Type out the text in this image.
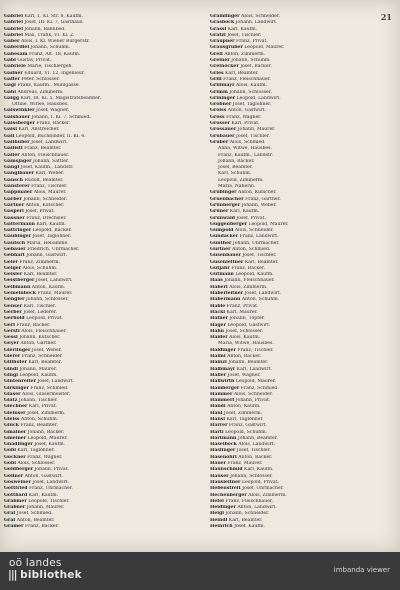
21

Gabriel Karl, 1. Kl. Str. 8, Kaufm.

Gabriel Josef, III. Kl. 7, Gasthaus.

Gabriel Johann, Bahnbed.

Gabriel Max, Trafik, VI. Kl. 2.

Gaber Alois, I. Kl. Wiener Bürgerstr.

Gaberdiel Johann, Schuhm.

Gabesam Franz, Alt. 18, Kaufm.

Gabl Gustav, Privat.

Gabriele Marie, Tischlergeh.

Gadner Eduard, VI. 12, Ingenieur.

Gaffer Peter, Schlosser.

Gagl Franz, Kaufm., Mühlgasse.

Gähl Andreas, Zimmerm.

Gaigg Karl, III. Kl. 5, Magistratsbeamter.

Ottilie, Witwe, Hausbes.

Gaiswinkler Josef, Wagner.

Gaisbauer Johann, I. Kl. 7, Schmied.

Gaissberger Franz, Bäcker.

Gaisl Karl, Anstreicher.

Gall Leopold, Buchbinder, II. Kl. 4.

Gallhuber Josef, Landwirt.

Gallistl Franz, Beamter.

Galler Anton, Fleischhauer.

Gamsjäger Johann, Sattler.

Gangl Josef, Kaufm., Landstr.

Ganglbauer Karl, Weber.

Gansch Rudolf, Beamter.

Gansterer Franz, Tischler.

Gappmaier Alois, Maurer.

Garber Johann, Schneider.

Gärtner Anton, Kutscher.

Gasperl Josef, Privat.

Gassner Franz, Drechsler.

Gattermann Karl, Kaufm.

Gattringer Leopold, Bäcker.

Gaubinger Josef, Taglöhner.

Gautsch Maria, Hebamme.

Gebauer Friedrich, Uhrmacher.

Gebhart Johann, Gastwirt.

Geier Franz, Zimmerm.

Geiger Alois, Schuhm.

Geisler Karl, Beamter.

Geistberger Josef, Landwirt.

Gelbmann Anton, Kaufm.

Gemeinböck Franz, Maurer.

Gengler Johann, Schlosser.

Genser Karl, Tischler.

Gerber Josef, Lederer.

Gerhold Leopold, Privat.

Gerl Franz, Bäcker.

Gerstl Alois, Fleischhauer.

Gessl Johann, Kutscher.

Geyer Anton, Gärtner.

Gierlinger Josef, Weber.

Gierer Franz, Schneider.

Gillhofer Karl, Beamter.

Gindl Johann, Maurer.

Gingl Leopold, Kaufm.

Gintenreiter Josef, Landwirt.

Girkinger Franz, Schmied.

Glaser Alois, Glasermeister.

Glatz Johann, Tischler.

Glechner Karl, Privat.

Gleinser Josef, Zimmerm.

Gleiss Anton, Schuhm.

Glück Franz, Beamter.

Gmainer Johann, Bäcker.

Gmeiner Leopold, Maurer.

Gnadlinger Josef, Kaufm.

Gobl Karl, Taglöhner.

Gockner Franz, Wagner.

Göbl Alois, Schlosser.

Goldberger Johann, Privat.

Göllner Anton, Gastwirt.

Gösweiner Josef, Landwirt.

Gottfried Franz, Uhrmacher.

Gotthard Karl, Kaufm.

Grabmer Leopold, Tischler.

Grabner Johann, Maurer.

Graf Josef, Schmied.

Gräf Anton, Beamter.

Gramer Franz, Bäcker.

Gramlinger Alois, Schneider.

Grasböck Johann, Landwirt.

Grassl Karl, Kaufm.

Gratzl Josef, Tischler.

Graupner Franz, Privat.

Grausgruber Leopold, Maurer.

Greil Anton, Zimmerm.

Greiner Johann, Schuhm.

Greinöcker Josef, Bäcker.

Gries Karl, Beamter.

Grill Franz, Fleischhauer.

Grillmayr Alois, Kaufm.

Grimm Johann, Schlosser.

Grininger Leopold, Landwirt.

Grobner Josef, Taglöhner.

Groiss Anton, Gastwirt.

Gross Franz, Wagner.

Grosser Karl, Privat.

Grossauer Johann, Maurer.

Grubauer Josef, Tischler.

Gruber Alois, Schmied.

Anna, Witwe, Hausbes.

Franz, Kaufm., Landstr.

Johann, Bäcker.

Josef, Beamter.

Karl, Schuhm.

Leopold, Zimmerm.

Maria, Näherin.

Grubinger Anton, Kutscher.

Gruenbacher Franz, Gärtner.

Grünberger Johann, Weber.

Grüner Karl, Kaufm.

Grünwald Josef, Privat.

Guggenberger Leopold, Maurer.

Gumpold Alois, Schneider.

Gundacker Franz, Landwirt.

Günther Johann, Uhrmacher.

Gurtner Anton, Schmied.

Gusenbauer Josef, Tischler.

Gusenleitner Karl, Beamter.

Gutjahr Franz, Bäcker.

Gutmann Leopold, Kaufm.

Haas Johann, Fleischhauer.

Haberl Alois, Zimmerm.

Haberleitner Josef, Landwirt.

Habermann Anton, Schuhm.

Hable Franz, Privat.

Hackl Karl, Maurer.

Hafner Johann, Töpfer.

Hager Leopold, Gastwirt.

Hahn Josef, Schlosser.

Haider Alois, Kaufm.

Maria, Witwe, Hausbes.

Haidinger Franz, Tischler.

Haiml Anton, Bäcker.

Hainzl Johann, Beamter.

Halbmayr Karl, Landwirt.

Haller Josef, Wagner.

Hallwirth Leopold, Maurer.

Hamberger Franz, Schmied.

Hammer Alois, Schneider.

Hammerl Johann, Privat.

Handl Anton, Kaufm.

Hanl Josef, Zimmerm.

Hansl Karl, Taglöhner.

Harrer Franz, Gastwirt.

Hartl Leopold, Schuhm.

Hartmann Johann, Beamter.

Haselböck Alois, Landwirt.

Haslinger Josef, Tischler.

Hasenöhrl Anton, Bäcker.

Hauer Franz, Maurer.

Haunschmid Karl, Kaufm.

Hauser Johann, Schlosser.

Hausleitner Leopold, Privat.

Hebenstreit Josef, Uhrmacher.

Hechenberger Alois, Zimmerm.

Hefel Franz, Fleischhauer.

Heidinger Anton, Landwirt.

Heigl Johann, Schneider.

Heindl Karl, Beamter.

Heinrich Josef, Kaufm.

oö landes
||| bibliothek	imbanda viewer
